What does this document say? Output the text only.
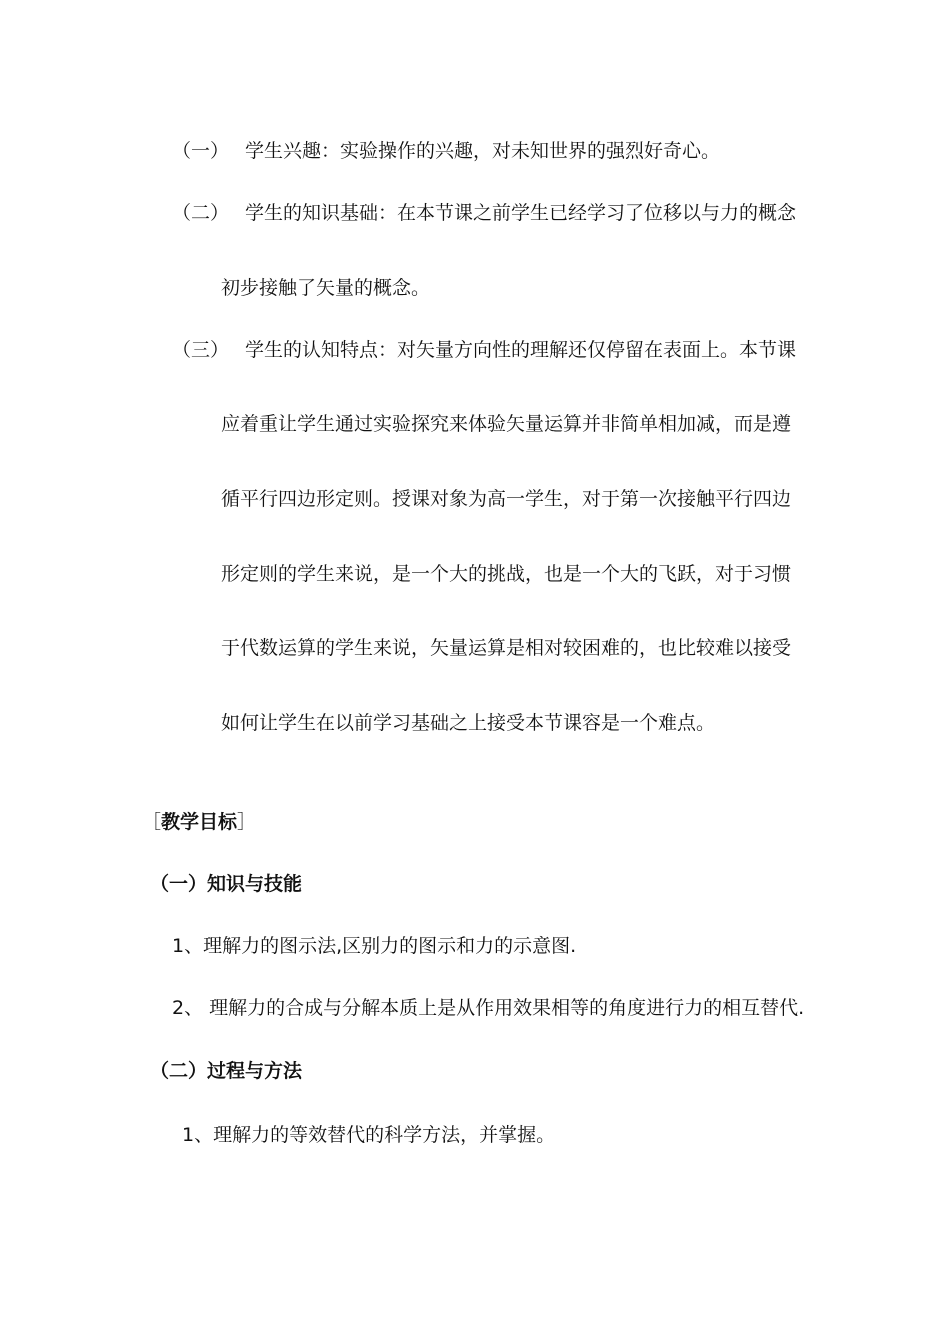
（一） 学生兴趣：实验操作的兴趣，对未知世界的强烈好奇心。
（二） 学生的知识基础：在本节课之前学生已经学习了位移以与力的概念
初步接触了矢量的概念。
（三） 学生的认知特点：对矢量方向性的理解还仅停留在表面上。本节课
应着重让学生通过实验探究来体验矢量运算并非简单相加减，而是遵
循平行四边形定则。授课对象为高一学生，对于第一次接触平行四边
形定则的学生来说，是一个大的挑战，也是一个大的飞跃，对于习惯
于代数运算的学生来说，矢量运算是相对较困难的，也比较难以接受
如何让学生在以前学习基础之上接受本节课容是一个难点。
［教学目标］
（一）知识与技能
1、理解力的图示法,区别力的图示和力的示意图.
2、 理解力的合成与分解本质上是从作用效果相等的角度进行力的相互替代.
（二）过程与方法
1、理解力的等效替代的科学方法，并掌握。
